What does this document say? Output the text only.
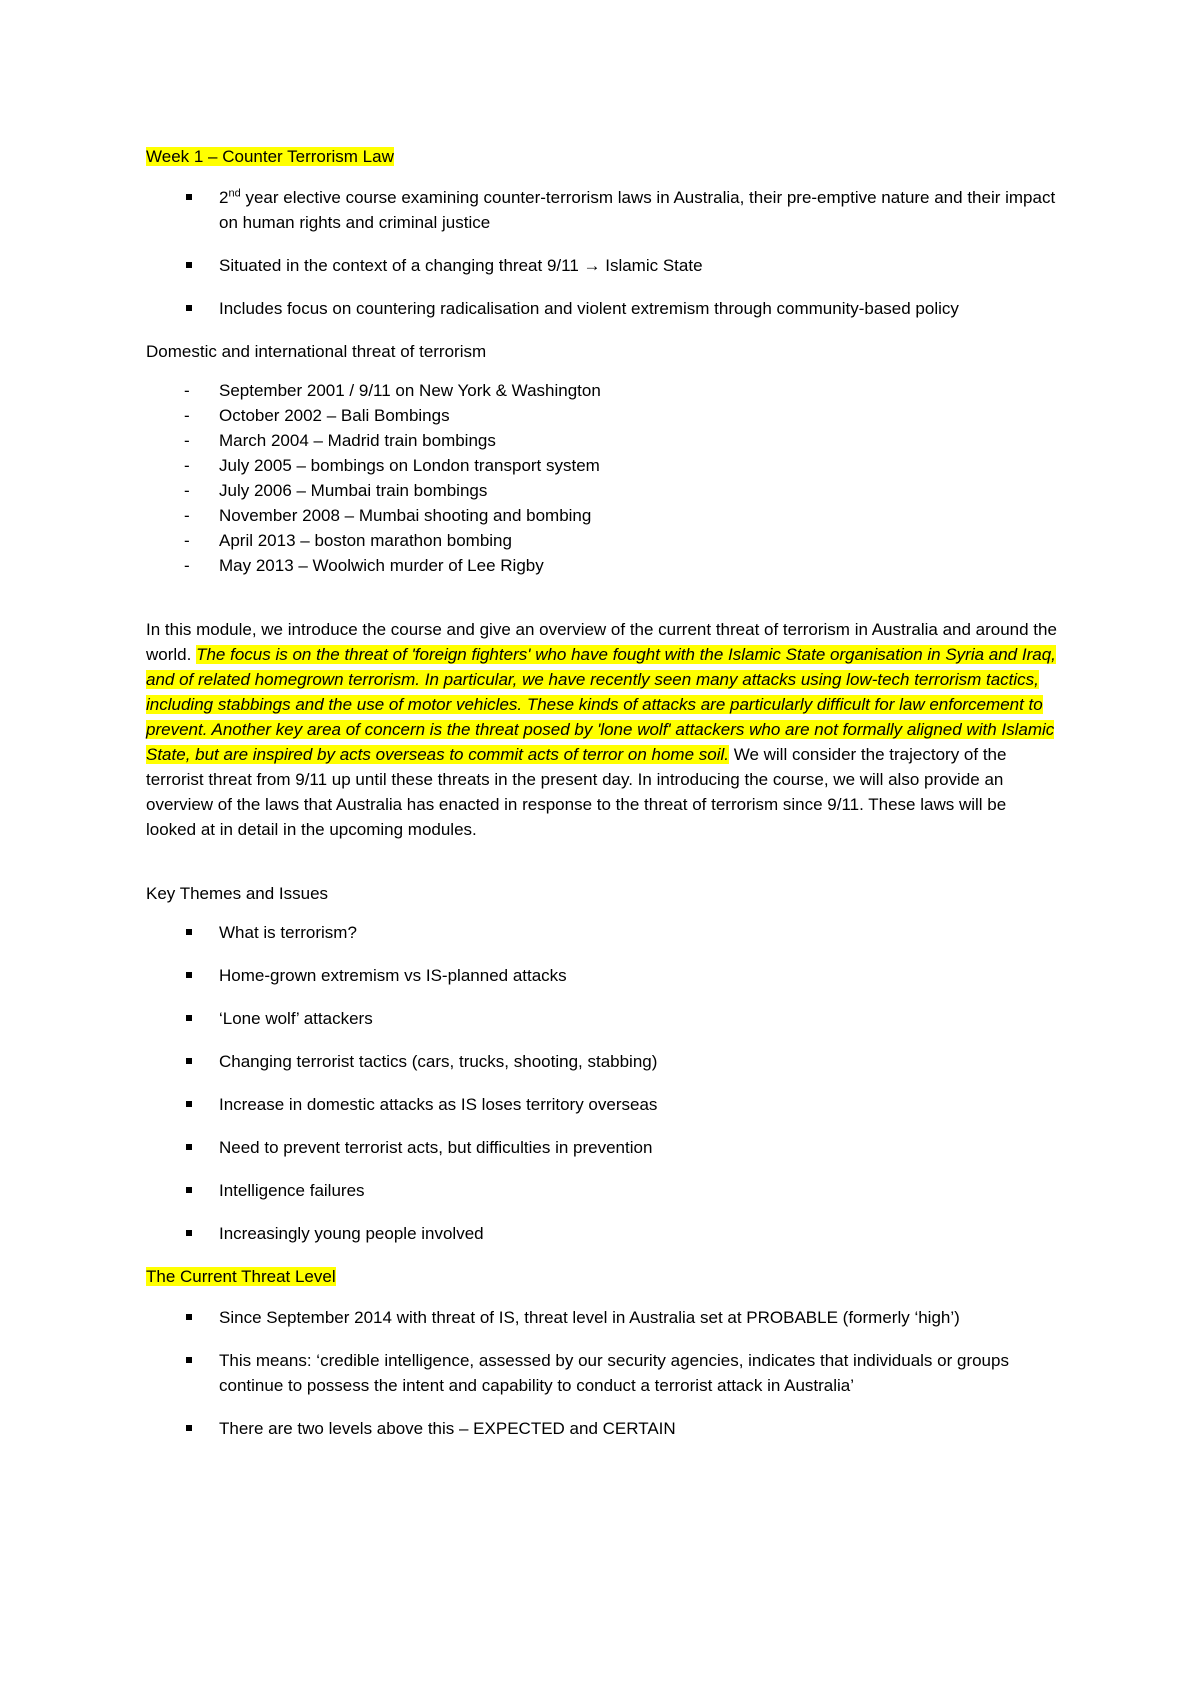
Week 1 – Counter Terrorism Law

2nd year elective course examining counter-terrorism laws in Australia, their pre-emptive nature and their impact on human rights and criminal justice
Situated in the context of a changing threat 9/11 → Islamic State
Includes focus on countering radicalisation and violent extremism through community-based policy

Domestic and international threat of terrorism

- September 2001 / 9/11 on New York & Washington
- October 2002 – Bali Bombings
- March 2004 – Madrid train bombings
- July 2005 – bombings on London transport system
- July 2006 – Mumbai train bombings
- November 2008 – Mumbai shooting and bombing
- April 2013 – boston marathon bombing
- May 2013 – Woolwich murder of Lee Rigby

In this module, we introduce the course and give an overview of the current threat of terrorism in Australia and around the world. The focus is on the threat of 'foreign fighters' who have fought with the Islamic State organisation in Syria and Iraq, and of related homegrown terrorism. In particular, we have recently seen many attacks using low-tech terrorism tactics, including stabbings and the use of motor vehicles. These kinds of attacks are particularly difficult for law enforcement to prevent. Another key area of concern is the threat posed by 'lone wolf' attackers who are not formally aligned with Islamic State, but are inspired by acts overseas to commit acts of terror on home soil. We will consider the trajectory of the terrorist threat from 9/11 up until these threats in the present day. In introducing the course, we will also provide an overview of the laws that Australia has enacted in response to the threat of terrorism since 9/11. These laws will be looked at in detail in the upcoming modules.

Key Themes and Issues

What is terrorism?
Home-grown extremism vs IS-planned attacks
‘Lone wolf’ attackers
Changing terrorist tactics (cars, trucks, shooting, stabbing)
Increase in domestic attacks as IS loses territory overseas
Need to prevent terrorist acts, but difficulties in prevention
Intelligence failures
Increasingly young people involved

The Current Threat Level

Since September 2014 with threat of IS, threat level in Australia set at PROBABLE (formerly ‘high’)
This means: ‘credible intelligence, assessed by our security agencies, indicates that individuals or groups continue to possess the intent and capability to conduct a terrorist attack in Australia’
There are two levels above this – EXPECTED and CERTAIN
